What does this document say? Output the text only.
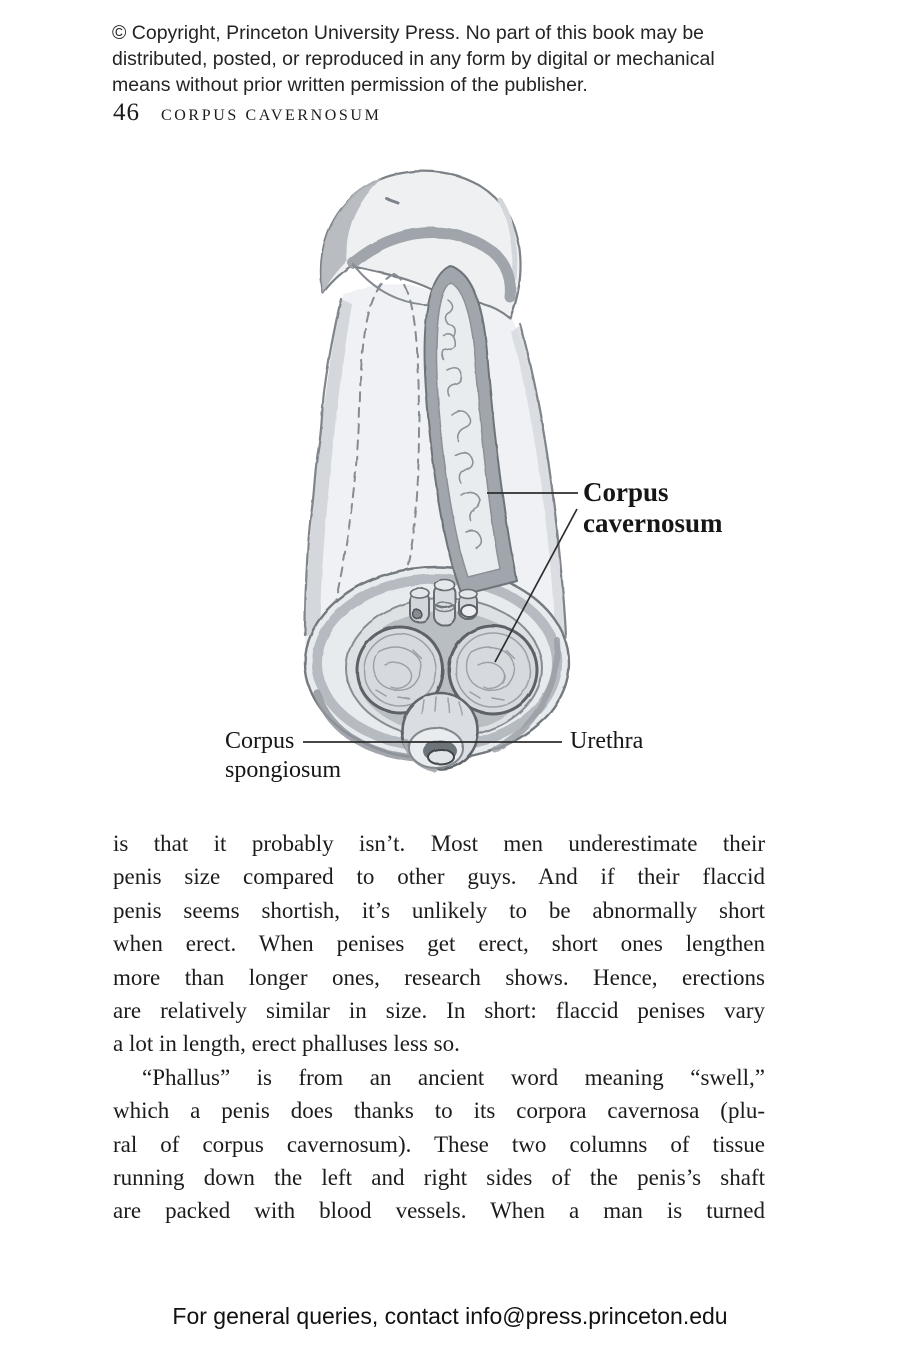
© Copyright, Princeton University Press. No part of this book may be
distributed, posted, or reproduced in any form by digital or mechanical
means without prior written permission of the publisher.
46 CORPUS CAVERNOSUM
Corpus
cavernosum
Corpus
spongiosum
Urethra
is that it probably isn’t. Most men underestimate their
penis size compared to other guys. And if their flaccid
penis seems shortish, it’s unlikely to be abnormally short
when erect. When penises get erect, short ones lengthen
more than longer ones, research shows. Hence, erections
are relatively similar in size. In short: flaccid penises vary
a lot in length, erect phalluses less so.
“Phallus” is from an ancient word meaning “swell,”
which a penis does thanks to its corpora cavernosa (plu-
ral of corpus cavernosum). These two columns of tissue
running down the left and right sides of the penis’s shaft
are packed with blood vessels. When a man is turned
For general queries, contact info@press.princeton.edu
